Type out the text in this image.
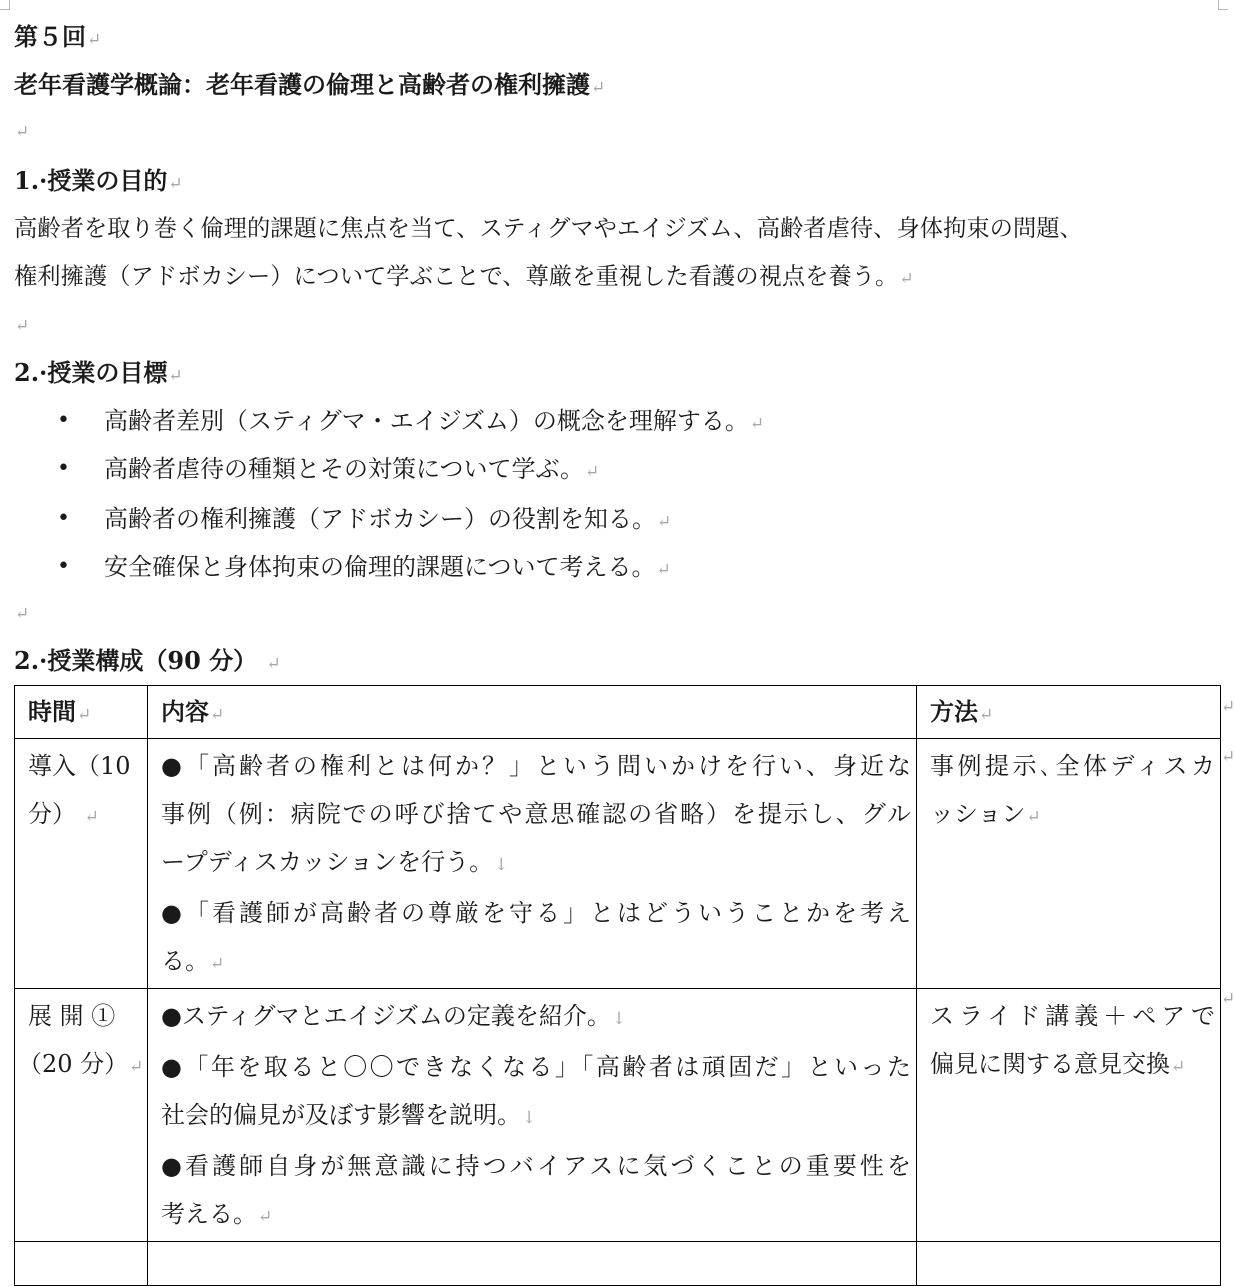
第５回↵
老年看護学概論：老年看護の倫理と高齢者の権利擁護↵
↵
1.·授業の目的↵
高齢者を取り巻く倫理的課題に焦点を当て、スティグマやエイジズム、高齢者虐待、身体拘束の問題、
権利擁護（アドボカシー）について学ぶことで、尊厳を重視した看護の視点を養う。↵
↵
2.·授業の目標↵
• 高齢者差別（スティグマ・エイジズム）の概念を理解する。↵
• 高齢者虐待の種類とその対策について学ぶ。↵
• 高齢者の権利擁護（アドボカシー）の役割を知る。↵
• 安全確保と身体拘束の倫理的課題について考える。↵
↵
2.·授業構成（90 分） ↵
時間↵	内容↵	方法↵

導入（10
分） ↵	●「高齢者の権利とは何か？」という問いかけを行い、身近な
事例（例：病院での呼び捨てや意思確認の省略）を提示し、グル
ープディスカッションを行う。↓
●「看護師が高齢者の尊厳を守る」とはどういうことかを考え
る。↵	事例提示､全体ディスカ
ッション↵

展 開 ①
（20 分）↵	●スティグマとエイジズムの定義を紹介。↓
●「年を取ると〇〇できなくなる」「高齢者は頑固だ」といった
社会的偏見が及ぼす影響を説明。↓
●看護師自身が無意識に持つバイアスに気づくことの重要性を
考える。↵	スライド講義＋ペアで
偏見に関する意見交換↵

↵
↵
↵
